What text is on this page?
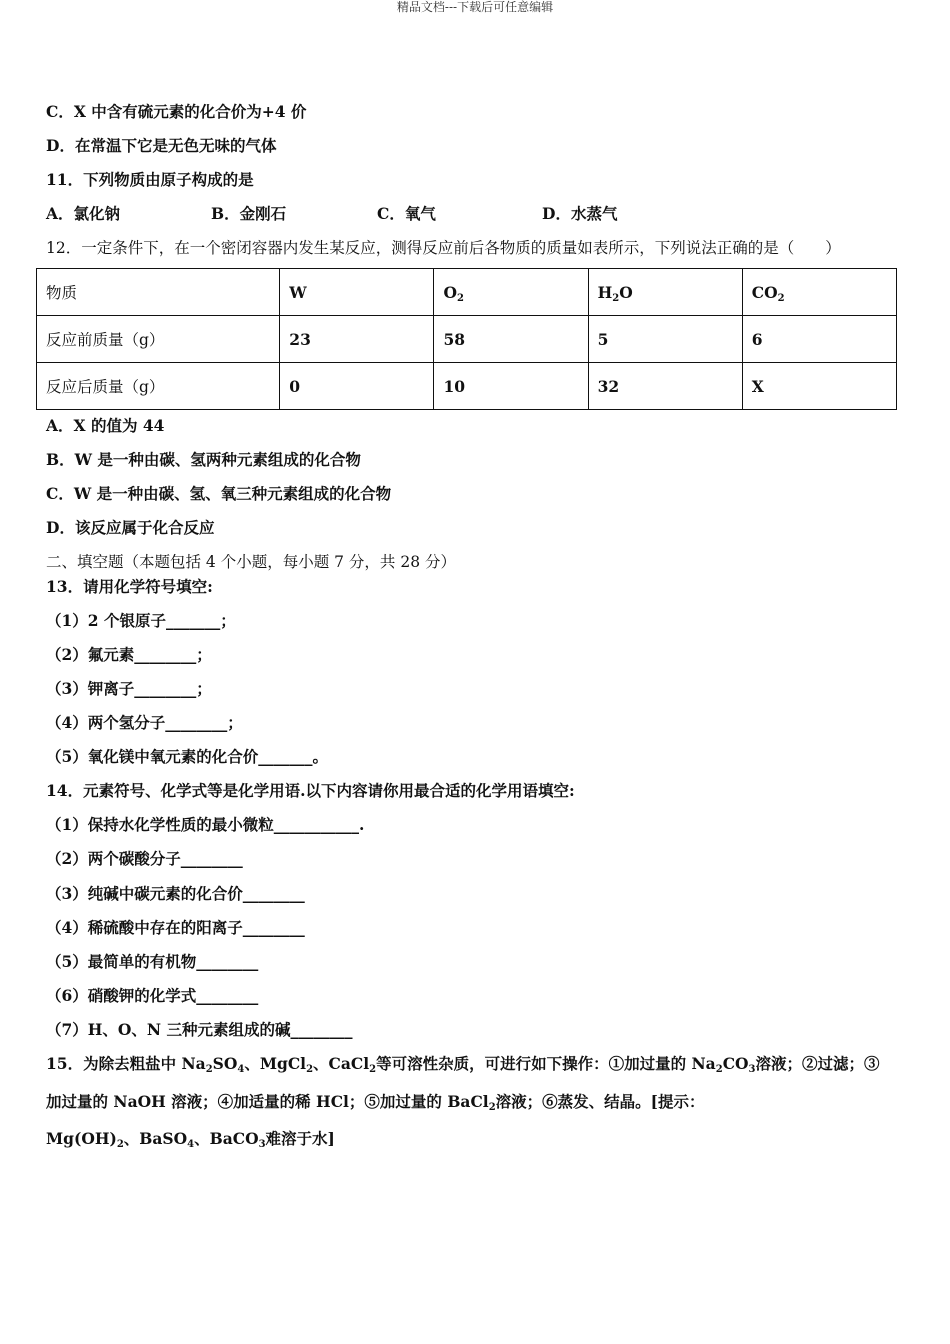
精品文档---下载后可任意编辑
C．X 中含有硫元素的化合价为+4 价
D．在常温下它是无色无味的气体
11．下列物质由原子构成的是
A．氯化钠	B．金刚石	C．氧气	D．水蒸气
12．一定条件下，在一个密闭容器内发生某反应，测得反应前后各物质的质量如表所示，下列说法正确的是（　　）
物质	W	$O_2$	$H_2O$	$CO_2$
反应前质量（g）	23	58	5	6
反应后质量（g）	0	10	32	X
A．X 的值为 44
B．W 是一种由碳、氢两种元素组成的化合物
C．W 是一种由碳、氢、氧三种元素组成的化合物
D．该反应属于化合反应
二、填空题（本题包括 4 个小题，每小题 7 分，共 28 分）
13．请用化学符号填空:
（1）2 个银原子_______；
（2）氟元素________；
（3）钾离子________；
（4）两个氢分子________；
（5）氧化镁中氧元素的化合价_______。
14．元素符号、化学式等是化学用语.以下内容请你用最合适的化学用语填空:
（1）保持水化学性质的最小微粒___________.
（2）两个碳酸分子________
（3）纯碱中碳元素的化合价________
（4）稀硫酸中存在的阳离子________
（5）最简单的有机物________
（6）硝酸钾的化学式________
（7）H、O、N 三种元素组成的碱________
15．为除去粗盐中 $Na_2SO_4$、MgCl$_2$、CaCl$_2$等可溶性杂质，可进行如下操作：①加过量的 $Na_2CO_3$溶液；②过滤；③
加过量的 NaOH 溶液；④加适量的稀 HCl；⑤加过量的 BaCl$_2$溶液；⑥蒸发、结晶。[提示：
$Mg(OH)_2$、BaSO$_4$、BaCO$_3$难溶于水]
